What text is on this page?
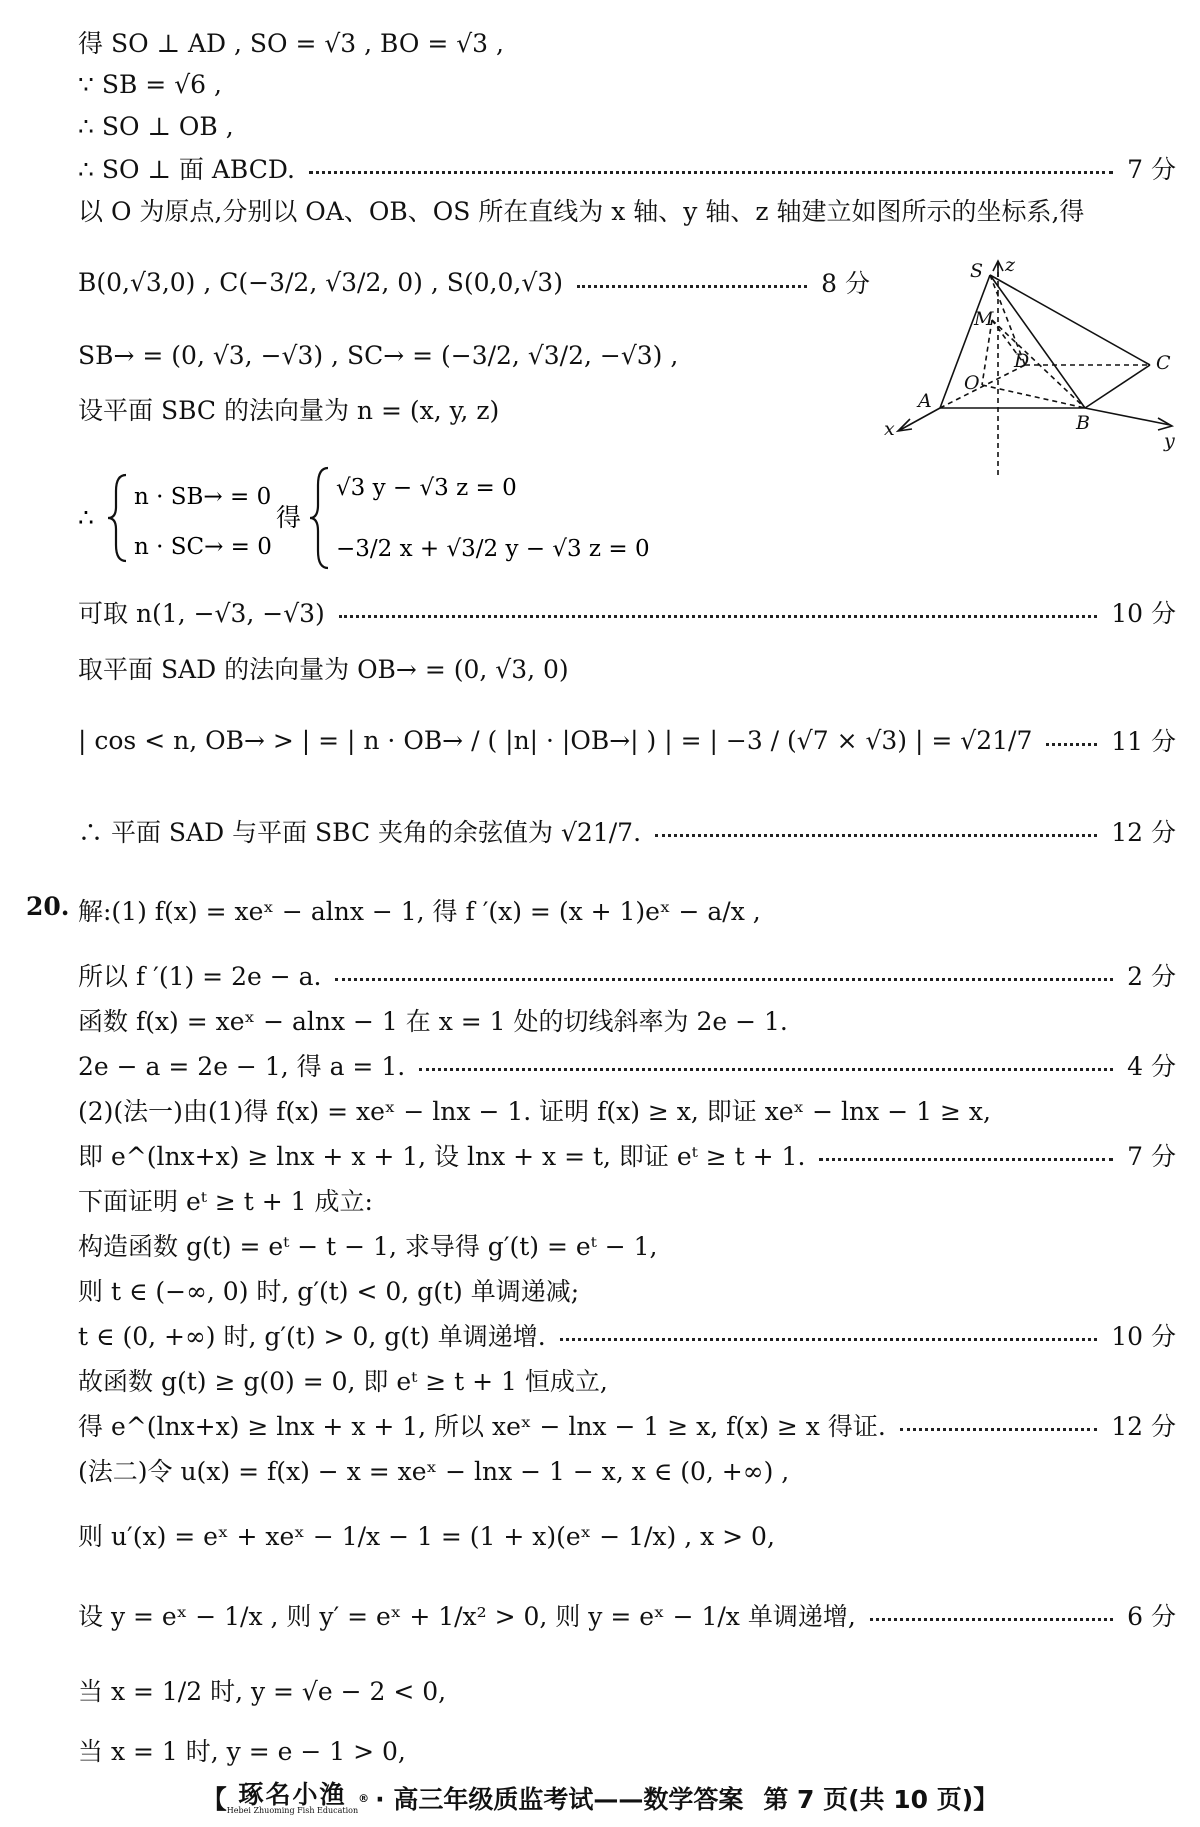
得 SO ⊥ AD , SO = √3 , BO = √3 ,
∵ SB = √6 ,
∴ SO ⊥ OB ,
∴ SO ⊥ 面 ABCD.	7 分
以 O 为原点,分别以 OA、OB、OS 所在直线为 x 轴、y 轴、z 轴建立如图所示的坐标系,得
B(0,√3,0) , C(−3/2, √3/2, 0) , S(0,0,√3)	8 分
SB→ = (0, √3, −√3) , SC→ = (−3/2, √3/2, −√3) ,
设平面 SBC 的法向量为 n = (x, y, z)
∴
n · SB→ = 0
n · SC→ = 0
得
√3 y − √3 z = 0
−3/2 x + √3/2 y − √3 z = 0
可取 n(1, −√3, −√3)	10 分
取平面 SAD 的法向量为 OB→ = (0, √3, 0)
| cos < n, OB→ > | = | n · OB→ / ( |n| · |OB→| ) | = | −3 / (√7 × √3) | = √21/7	11 分
∴ 平面 SAD 与平面 SBC 夹角的余弦值为 √21/7.	12 分
20. 解:(1) f(x) = xeˣ − alnx − 1, 得 f ′(x) = (x + 1)eˣ − a/x ,
所以 f ′(1) = 2e − a.	2 分
函数 f(x) = xeˣ − alnx − 1 在 x = 1 处的切线斜率为 2e − 1.
2e − a = 2e − 1, 得 a = 1.	4 分
(2)(法一)由(1)得 f(x) = xeˣ − lnx − 1. 证明 f(x) ≥ x, 即证 xeˣ − lnx − 1 ≥ x,
即 e^(lnx+x) ≥ lnx + x + 1, 设 lnx + x = t, 即证 eᵗ ≥ t + 1.	7 分
下面证明 eᵗ ≥ t + 1 成立:
构造函数 g(t) = eᵗ − t − 1, 求导得 g′(t) = eᵗ − 1,
则 t ∈ (−∞, 0) 时, g′(t) < 0, g(t) 单调递减;
t ∈ (0, +∞) 时, g′(t) > 0, g(t) 单调递增.	10 分
故函数 g(t) ≥ g(0) = 0, 即 eᵗ ≥ t + 1 恒成立,
得 e^(lnx+x) ≥ lnx + x + 1, 所以 xeˣ − lnx − 1 ≥ x, f(x) ≥ x 得证.	12 分
(法二)令 u(x) = f(x) − x = xeˣ − lnx − 1 − x, x ∈ (0, +∞) ,
则 u′(x) = eˣ + xeˣ − 1/x − 1 = (1 + x)(eˣ − 1/x) , x > 0,
设 y = eˣ − 1/x , 则 y′ = eˣ + 1/x² > 0, 则 y = eˣ − 1/x 单调递增,	6 分
当 x = 1/2 时, y = √e − 2 < 0,
当 x = 1 时, y = e − 1 > 0,
z
S
M
D	C
O
A
B
x
y
【 琢名小渔
Hebei Zhuoming Fish Education
® · 高三年级质监考试——数学答案 第 7 页(共 10 页) 】
